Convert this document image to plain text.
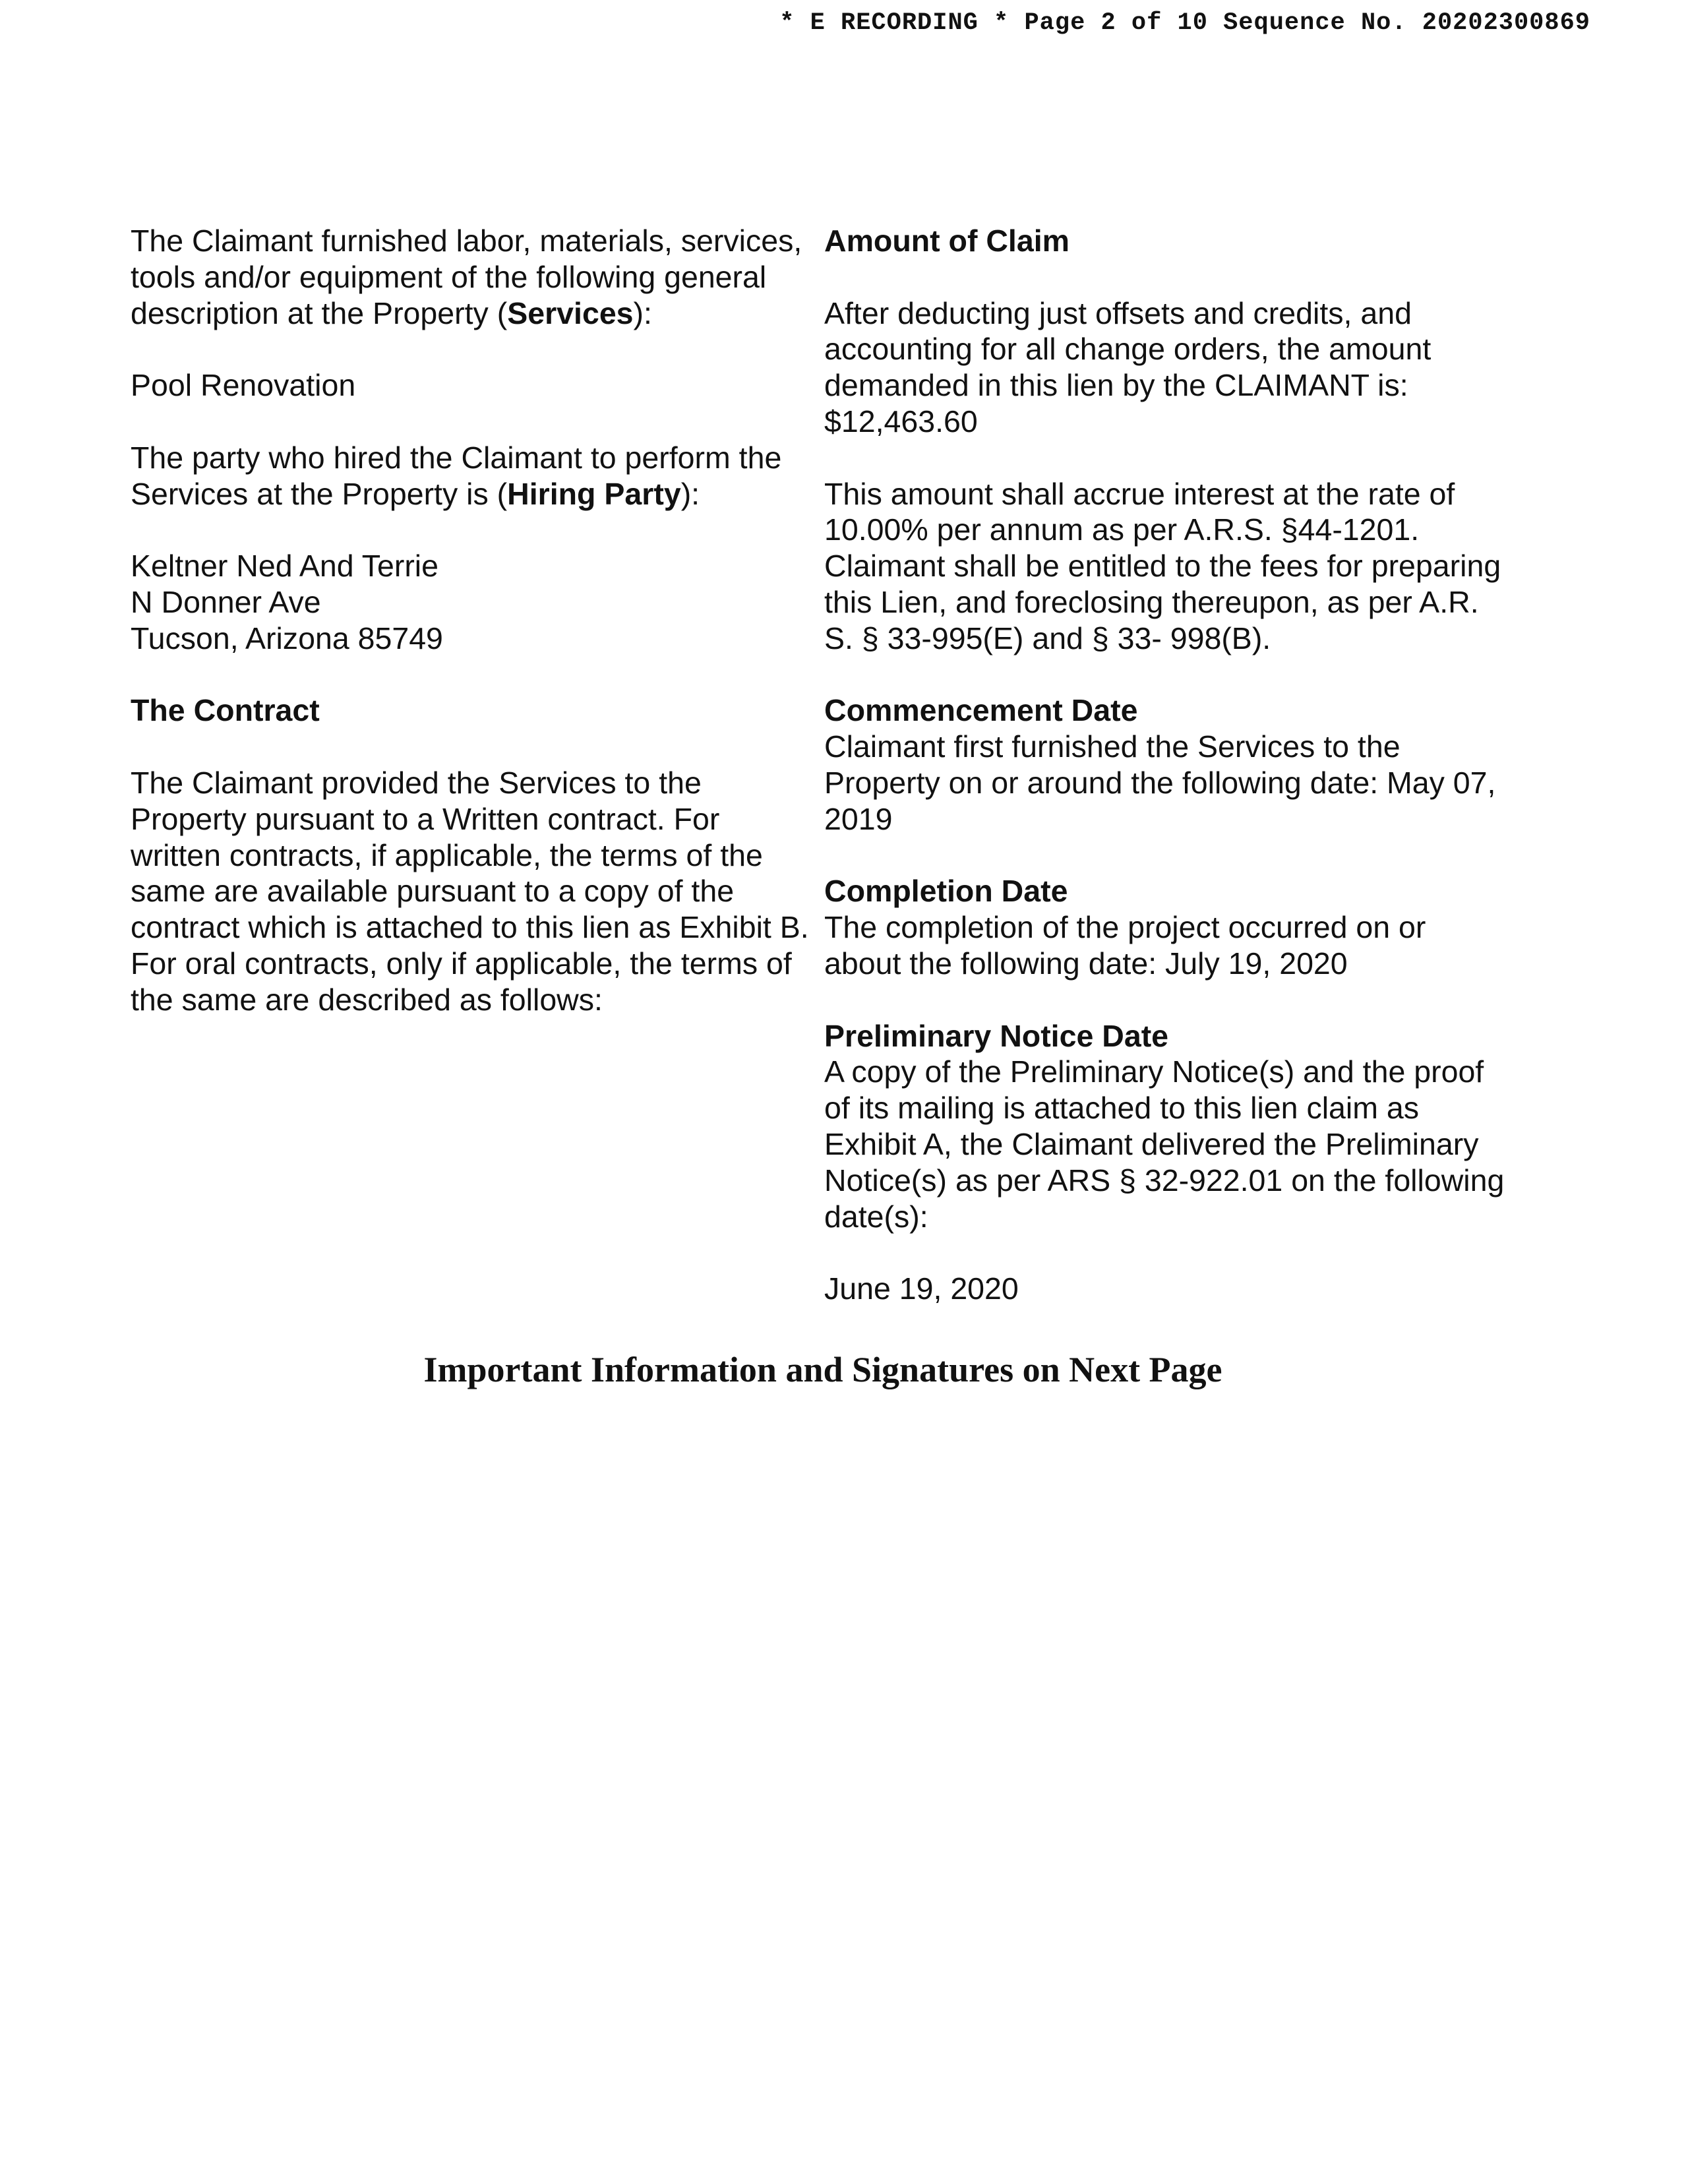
* E RECORDING * Page 2 of 10 Sequence No. 20202300869

The Claimant furnished labor, materials, services,
tools and/or equipment of the following general
description at the Property (Services):

Pool Renovation

The party who hired the Claimant to perform the
Services at the Property is (Hiring Party):

Keltner Ned And Terrie

N Donner Ave

Tucson, Arizona 85749

The Contract

The Claimant provided the Services to the
Property pursuant to a Written contract. For
written contracts, if applicable, the terms of the
same are available pursuant to a copy of the
contract which is attached to this lien as Exhibit B.
For oral contracts, only if applicable, the terms of
the same are described as follows:

Amount of Claim

After deducting just offsets and credits, and
accounting for all change orders, the amount
demanded in this lien by the CLAIMANT is:

$12,463.60

This amount shall accrue interest at the rate of
10.00% per annum as per A.R.S. §44-1201.
Claimant shall be entitled to the fees for preparing
this Lien, and foreclosing thereupon, as per A.R.
S. § 33-995(E) and § 33- 998(B).

Commencement Date

Claimant first furnished the Services to the
Property on or around the following date: May 07,
2019

Completion Date

The completion of the project occurred on or
about the following date: July 19, 2020

Preliminary Notice Date

A copy of the Preliminary Notice(s) and the proof
of its mailing is attached to this lien claim as
Exhibit A, the Claimant delivered the Preliminary
Notice(s) as per ARS § 32-922.01 on the following
date(s):

June 19, 2020

Important Information and Signatures on Next Page
